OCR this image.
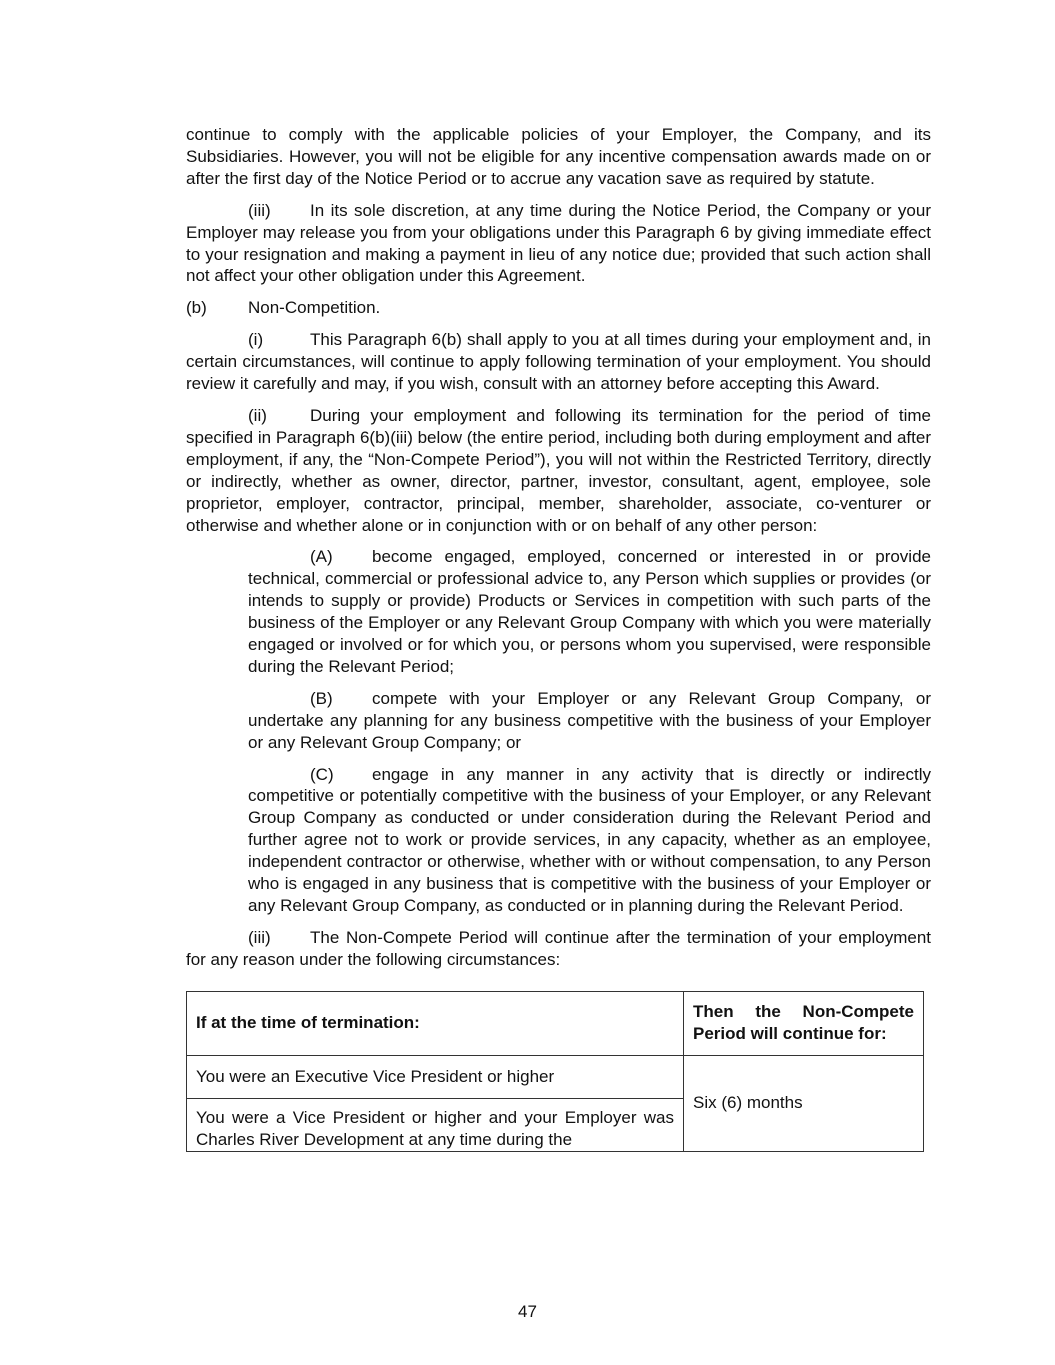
continue to comply with the applicable policies of your Employer, the Company, and its Subsidiaries. However, you will not be eligible for any incentive compensation awards made on or after the first day of the Notice Period or to accrue any vacation save as required by statute.

(iii) In its sole discretion, at any time during the Notice Period, the Company or your Employer may release you from your obligations under this Paragraph 6 by giving immediate effect to your resignation and making a payment in lieu of any notice due; provided that such action shall not affect your other obligation under this Agreement.

(b)	Non-Competition.

(i)	This Paragraph 6(b) shall apply to you at all times during your employment and, in certain circumstances, will continue to apply following termination of your employment. You should review it carefully and may, if you wish, consult with an attorney before accepting this Award.

(ii)	During your employment and following its termination for the period of time specified in Paragraph 6(b)(iii) below (the entire period, including both during employment and after employment, if any, the “Non-Compete Period”), you will not within the Restricted Territory, directly or indirectly, whether as owner, director, partner, investor, consultant, agent, employee, sole proprietor, employer, contractor, principal, member, shareholder, associate, co-venturer or otherwise and whether alone or in conjunction with or on behalf of any other person:

(A) become engaged, employed, concerned or interested in or provide technical, commercial or professional advice to, any Person which supplies or provides (or intends to supply or provide) Products or Services in competition with such parts of the business of the Employer or any Relevant Group Company with which you were materially engaged or involved or for which you, or persons whom you supervised, were responsible during the Relevant Period;

(B) compete with your Employer or any Relevant Group Company, or undertake any planning for any business competitive with the business of your Employer or any Relevant Group Company; or

(C) engage in any manner in any activity that is directly or indirectly competitive or potentially competitive with the business of your Employer, or any Relevant Group Company as conducted or under consideration during the Relevant Period and further agree not to work or provide services, in any capacity, whether as an employee, independent contractor or otherwise, whether with or without compensation, to any Person who is engaged in any business that is competitive with the business of your Employer or any Relevant Group Company, as conducted or in planning during the Relevant Period.

(iii) The Non-Compete Period will continue after the termination of your employment for any reason under the following circumstances:

If at the time of termination:	Then the Non-Compete Period will continue for:
You were an Executive Vice President or higher	Six (6) months

You were a Vice President or higher and your Employer was Charles River Development at any time during the	
47
